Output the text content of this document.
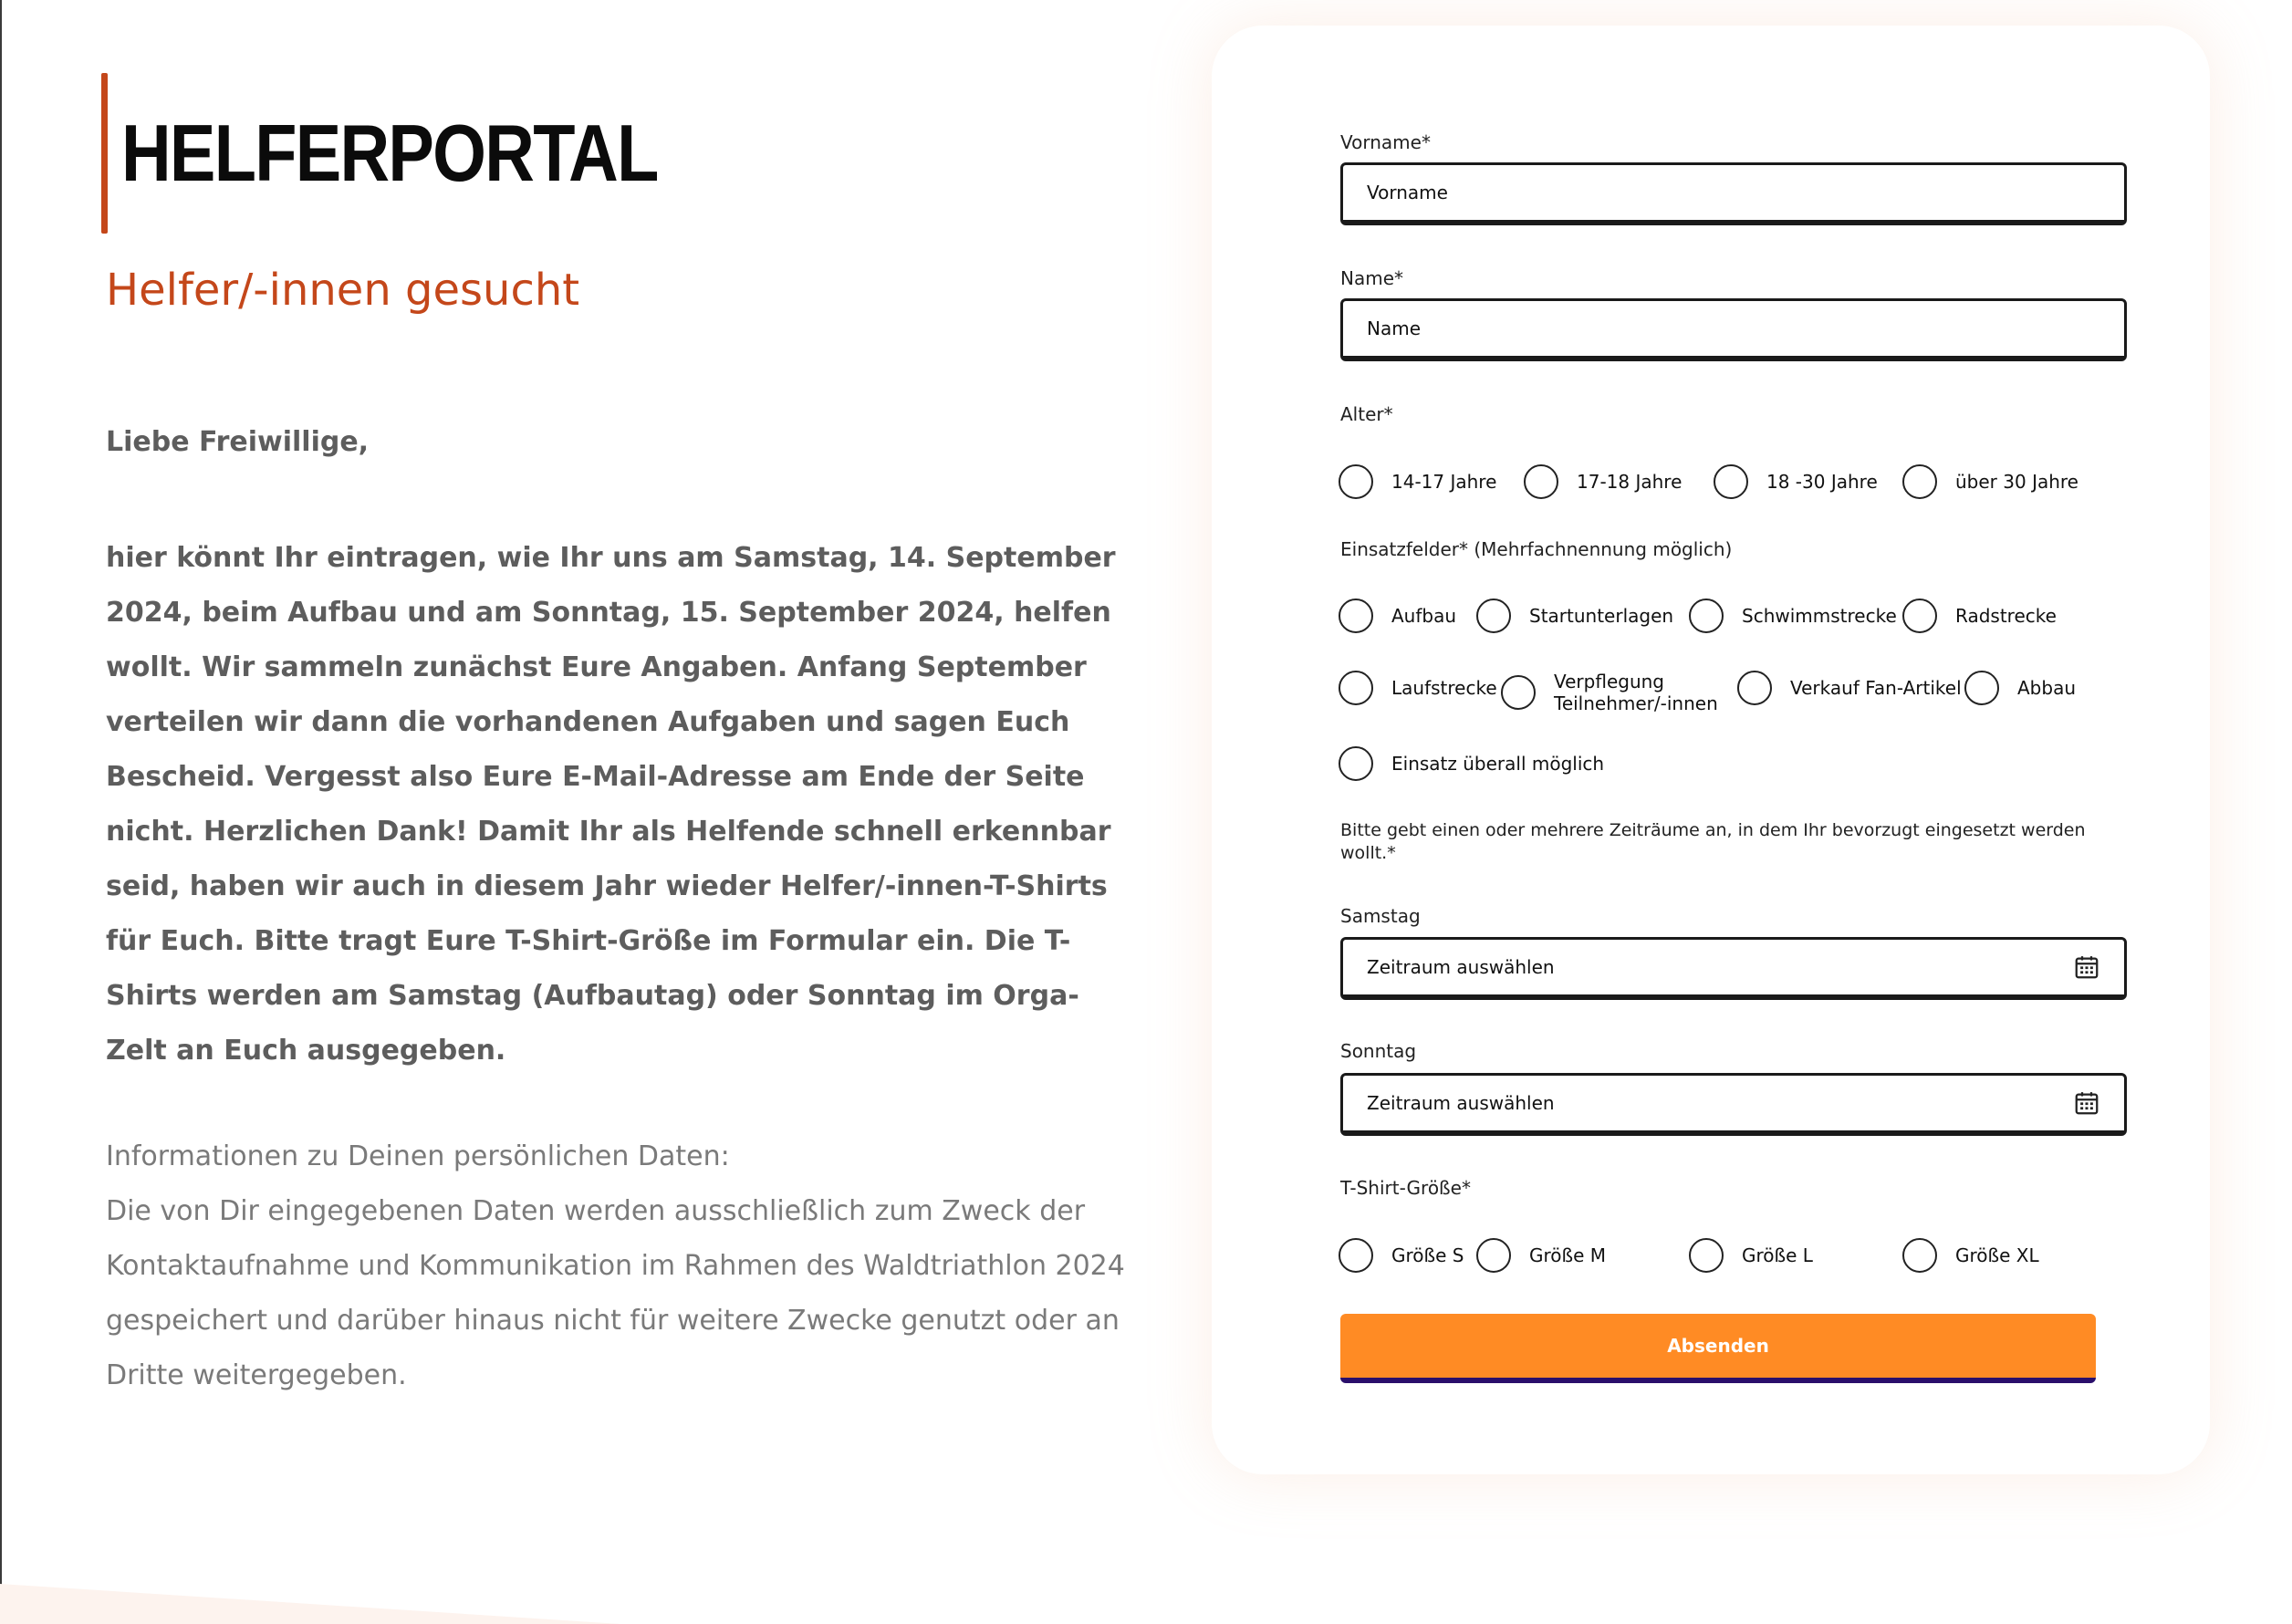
HELFERPORTAL
Helfer/-innen gesucht

Liebe Freiwillige,

hier könnt Ihr eintragen, wie Ihr uns am Samstag, 14. September 2024, beim Aufbau und am Sonntag, 15. September 2024, helfen wollt. Wir sammeln zunächst Eure Angaben. Anfang September verteilen wir dann die vorhandenen Aufgaben und sagen Euch Bescheid. Vergesst also Eure E-Mail-Adresse am Ende der Seite nicht. Herzlichen Dank! Damit Ihr als Helfende schnell erkennbar seid, haben wir auch in diesem Jahr wieder Helfer/-innen-T-Shirts für Euch. Bitte tragt Eure T-Shirt-Größe im Formular ein. Die T-Shirts werden am Samstag (Aufbautag) oder Sonntag im Orga-Zelt an Euch ausgegeben.

Informationen zu Deinen persönlichen Daten:

Die von Dir eingegebenen Daten werden ausschließlich zum Zweck der Kontaktaufnahme und Kommunikation im Rahmen des Waldtriathlon 2024 gespeichert und darüber hinaus nicht für weitere Zwecke genutzt oder an Dritte weitergegeben.

Vorname*
Vorname
Name*
Name
Alter*
14-17 Jahre	17-18 Jahre	18 -30 Jahre	über 30 Jahre
Einsatzfelder* (Mehrfachnennung möglich)
Aufbau	Startunterlagen	Schwimmstrecke	Radstrecke
Laufstrecke	Verpflegung Teilnehmer/-innen
Verkauf Fan-Artikel	Abbau
Einsatz überall möglich

Bitte gebt einen oder mehrere Zeiträume an, in dem Ihr bevorzugt eingesetzt werden wollt.*

Samstag
Zeitraum auswählen
Sonntag
Zeitraum auswählen
T-Shirt-Größe*
Größe S	Größe M	Größe L	Größe XL
Absenden
